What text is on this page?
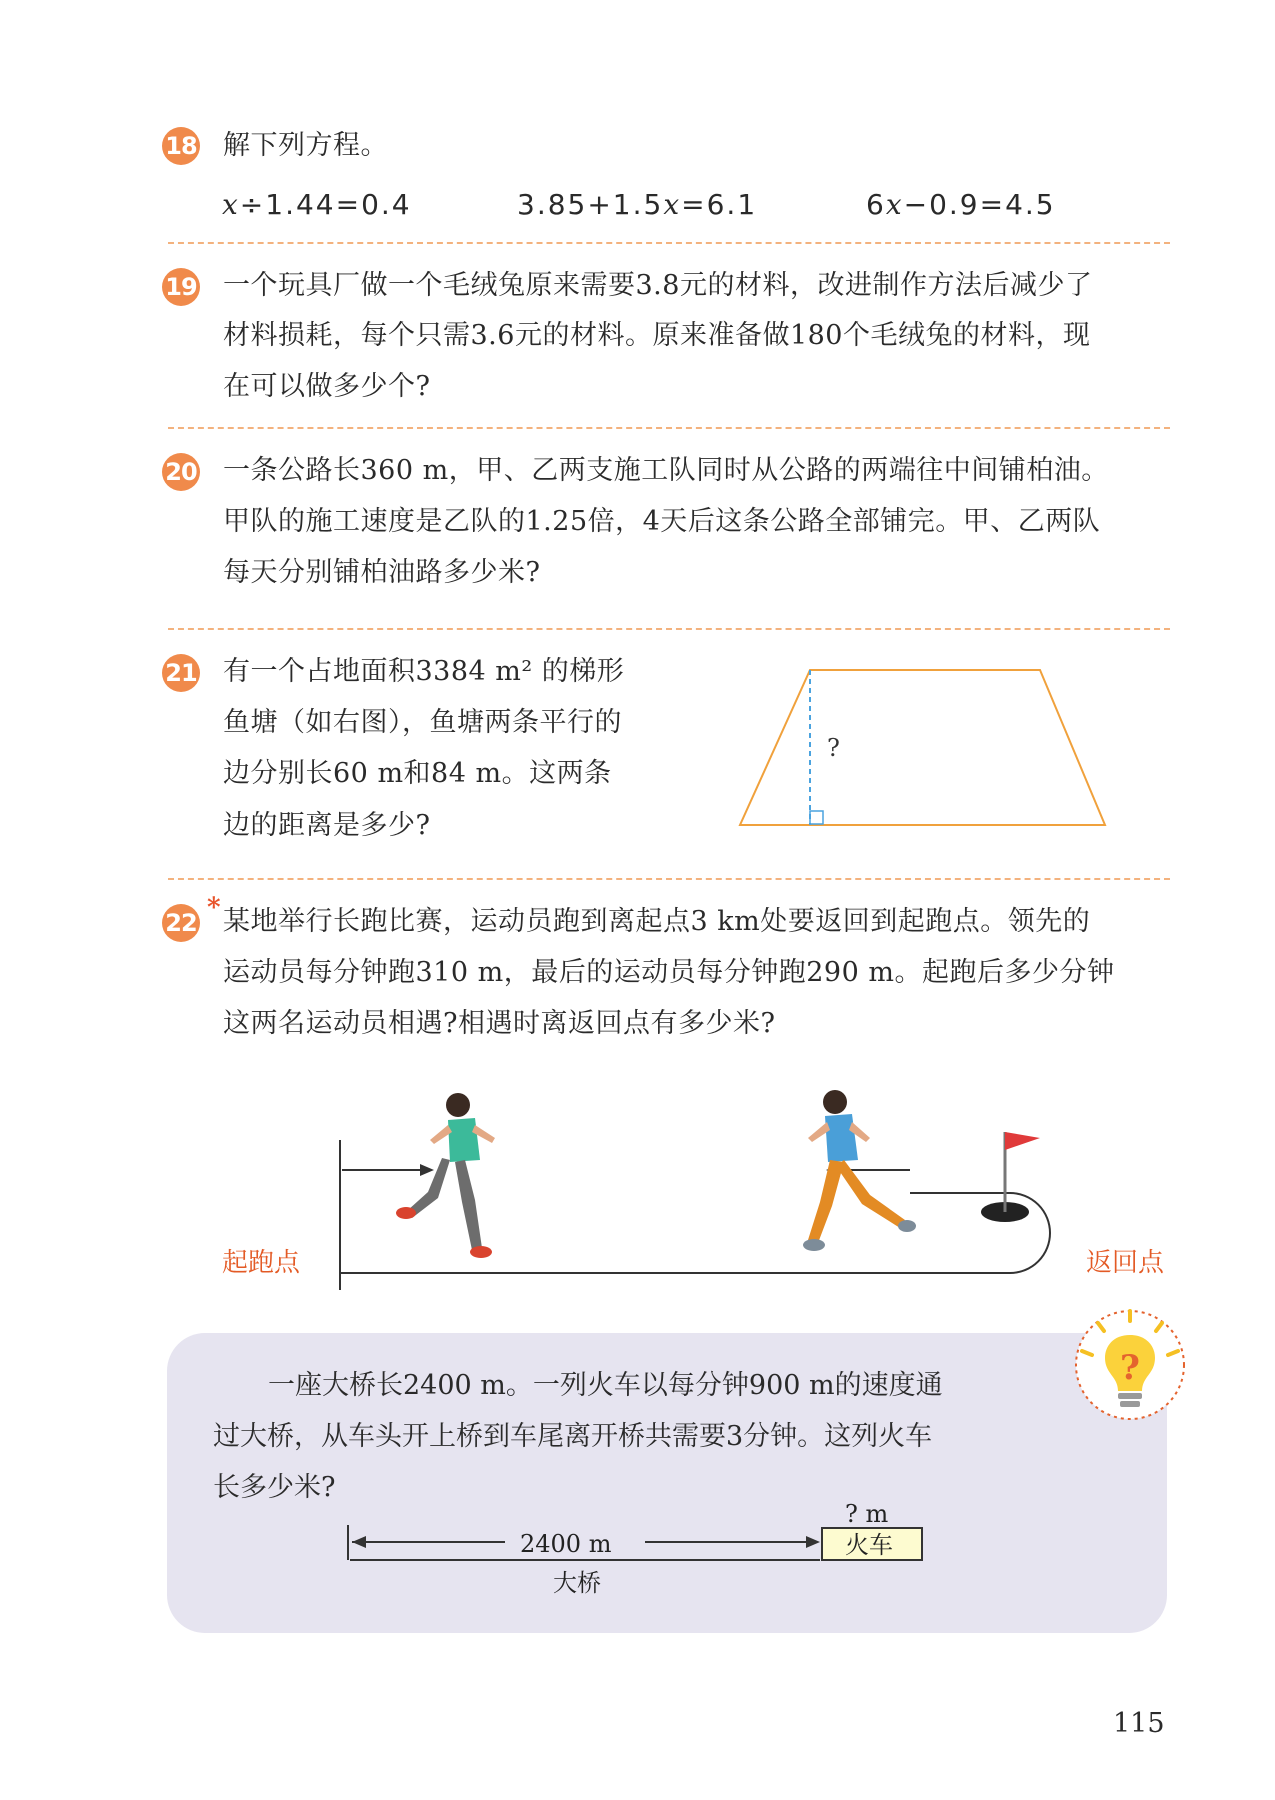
18 解下列方程。
x÷1.44=0.4	3.85+1.5x=6.1	6x−0.9=4.5
19 一个玩具厂做一个毛绒兔原来需要3.8元的材料，改进制作方法后减少了
材料损耗，每个只需3.6元的材料。原来准备做180个毛绒兔的材料，现
在可以做多少个?
20 一条公路长360 m，甲、乙两支施工队同时从公路的两端往中间铺柏油。
甲队的施工速度是乙队的1.25倍，4天后这条公路全部铺完。甲、乙两队
每天分别铺柏油路多少米?
21 有一个占地面积3384 m² 的梯形
鱼塘（如右图），鱼塘两条平行的
边分别长60 m和84 m。这两条
边的距离是多少?
?
22 * 某地举行长跑比赛，运动员跑到离起点3 km处要返回到起跑点。领先的
运动员每分钟跑310 m，最后的运动员每分钟跑290 m。起跑后多少分钟
这两名运动员相遇?相遇时离返回点有多少米?
起跑点	返回点
?
一座大桥长2400 m。一列火车以每分钟900 m的速度通
过大桥，从车头开上桥到车尾离开桥共需要3分钟。这列火车
长多少米?
2400 m
大桥
? m
火车
115
